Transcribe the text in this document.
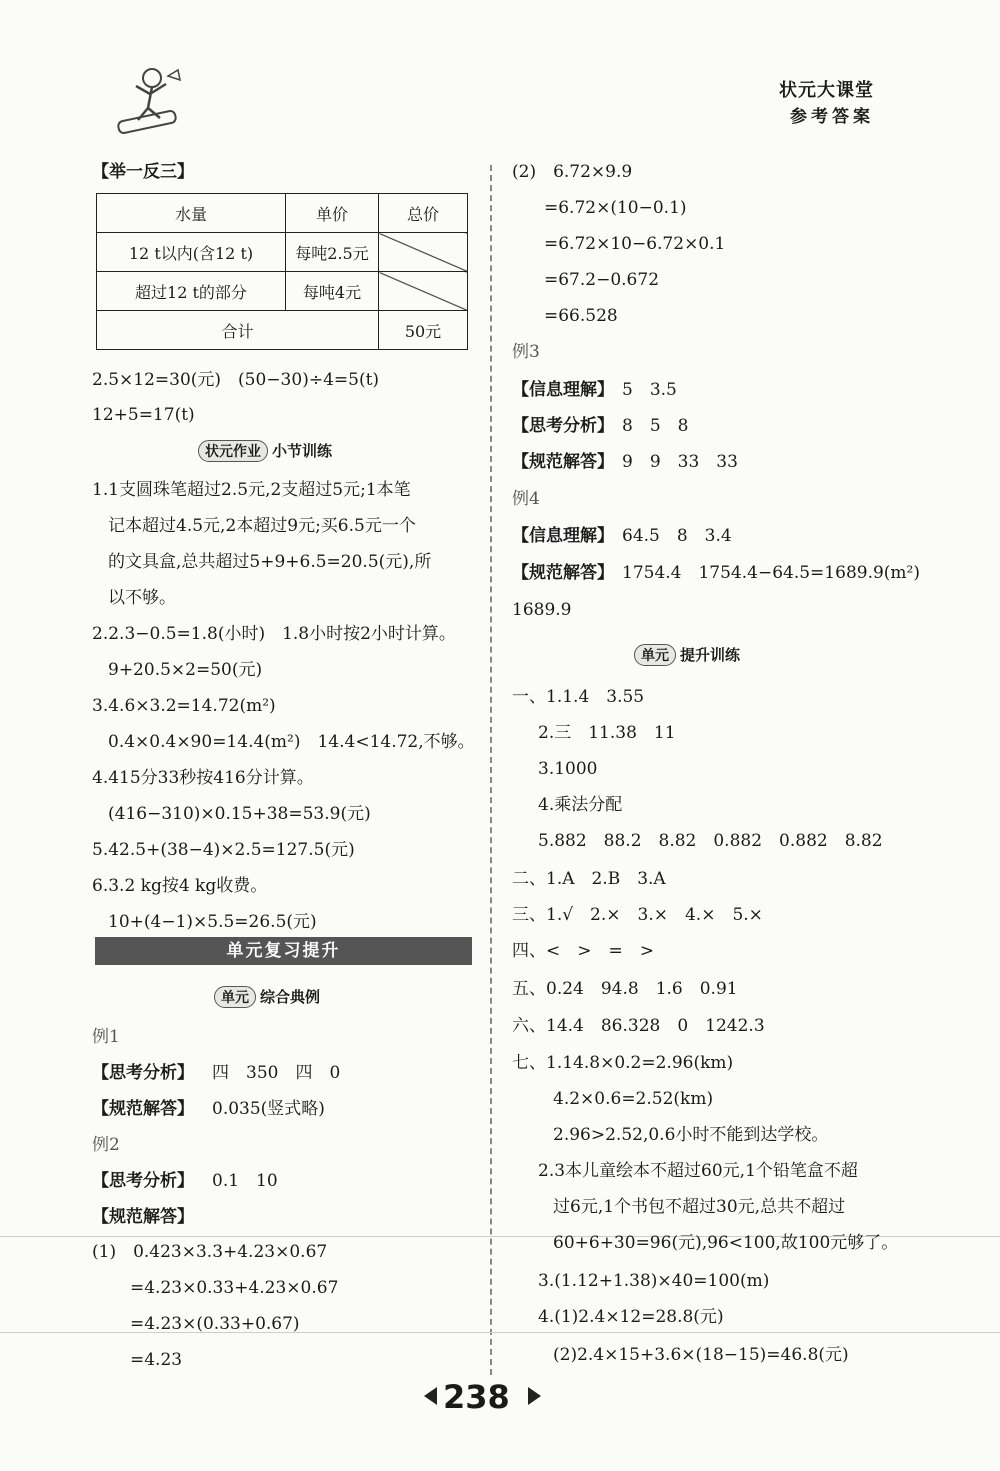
状元大课堂
参考答案
【举一反三】
水量	单价	总价
12 t以内(含12 t)	每吨2.5元	
超过12 t的部分	每吨4元	
合计		50元
2.5×12=30(元)　(50−30)÷4=5(t)
12+5=17(t)
状元作业 小节训练
1.1支圆珠笔超过2.5元,2支超过5元;1本笔
记本超过4.5元,2本超过9元;买6.5元一个
的文具盒,总共超过5+9+6.5=20.5(元),所
以不够。
2.2.3−0.5=1.8(小时)　1.8小时按2小时计算。
9+20.5×2=50(元)
3.4.6×3.2=14.72(m²)
0.4×0.4×90=14.4(m²)　14.4<14.72,不够。
4.415分33秒按416分计算。
(416−310)×0.15+38=53.9(元)
5.42.5+(38−4)×2.5=127.5(元)
6.3.2 kg按4 kg收费。
10+(4−1)×5.5=26.5(元)
单元复习提升
单元 综合典例
例1
【思考分析】 四　350　四　0
【规范解答】 0.035(竖式略)
例2
【思考分析】 0.1　10
【规范解答】
(1)　0.423×3.3+4.23×0.67
=4.23×0.33+4.23×0.67
=4.23×(0.33+0.67)
=4.23
(2)　6.72×9.9
=6.72×(10−0.1)
=6.72×10−6.72×0.1
=67.2−0.672
=66.528
例3
【信息理解】 5　3.5
【思考分析】 8　5　8
【规范解答】 9　9　33　33
例4
【信息理解】 64.5　8　3.4
【规范解答】 1754.4　1754.4−64.5=1689.9(m²)
1689.9
单元 提升训练
一、1.1.4　3.55
2.三　11.38　11
3.1000
4.乘法分配
5.882　88.2　8.82　0.882　0.882　8.82
二、1.A　2.B　3.A
三、1.√　2.×　3.×　4.×　5.×
四、<　>　=　>
五、0.24　94.8　1.6　0.91
六、14.4　86.328　0　1242.3
七、1.14.8×0.2=2.96(km)
4.2×0.6=2.52(km)
2.96>2.52,0.6小时不能到达学校。
2.3本儿童绘本不超过60元,1个铅笔盒不超
过6元,1个书包不超过30元,总共不超过
60+6+30=96(元),96<100,故100元够了。
3.(1.12+1.38)×40=100(m)
4.(1)2.4×12=28.8(元)
(2)2.4×15+3.6×(18−15)=46.8(元)
238
